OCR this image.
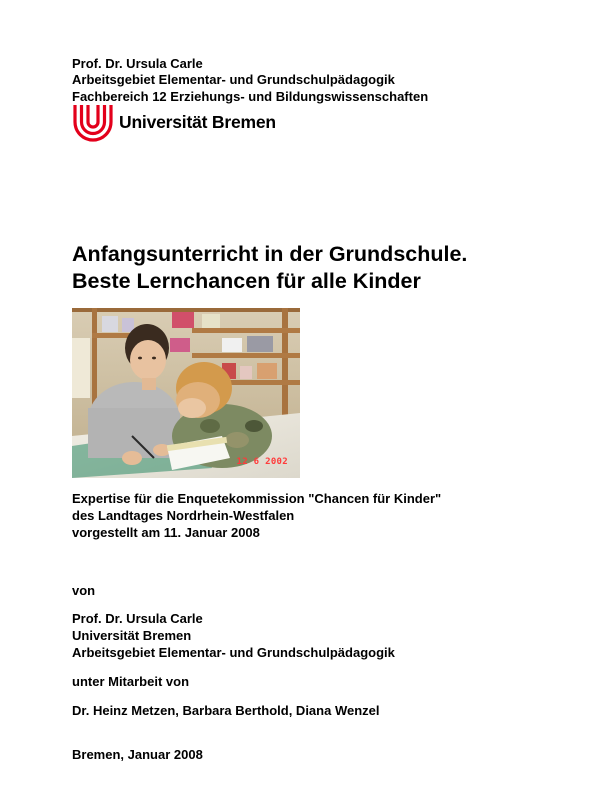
Prof. Dr. Ursula Carle
Arbeitsgebiet Elementar- und Grundschulpädagogik
Fachbereich 12 Erziehungs- und Bildungswissenschaften
Universität Bremen
Anfangsunterricht in der Grundschule.
Beste Lernchancen für alle Kinder
12 6 2002
Expertise für die Enquetekommission "Chancen für Kinder"
des Landtages Nordrhein-Westfalen
vorgestellt am 11. Januar 2008
von
Prof. Dr. Ursula Carle
Universität Bremen
Arbeitsgebiet Elementar- und Grundschulpädagogik
unter Mitarbeit von
Dr. Heinz Metzen, Barbara Berthold, Diana Wenzel
Bremen, Januar 2008
